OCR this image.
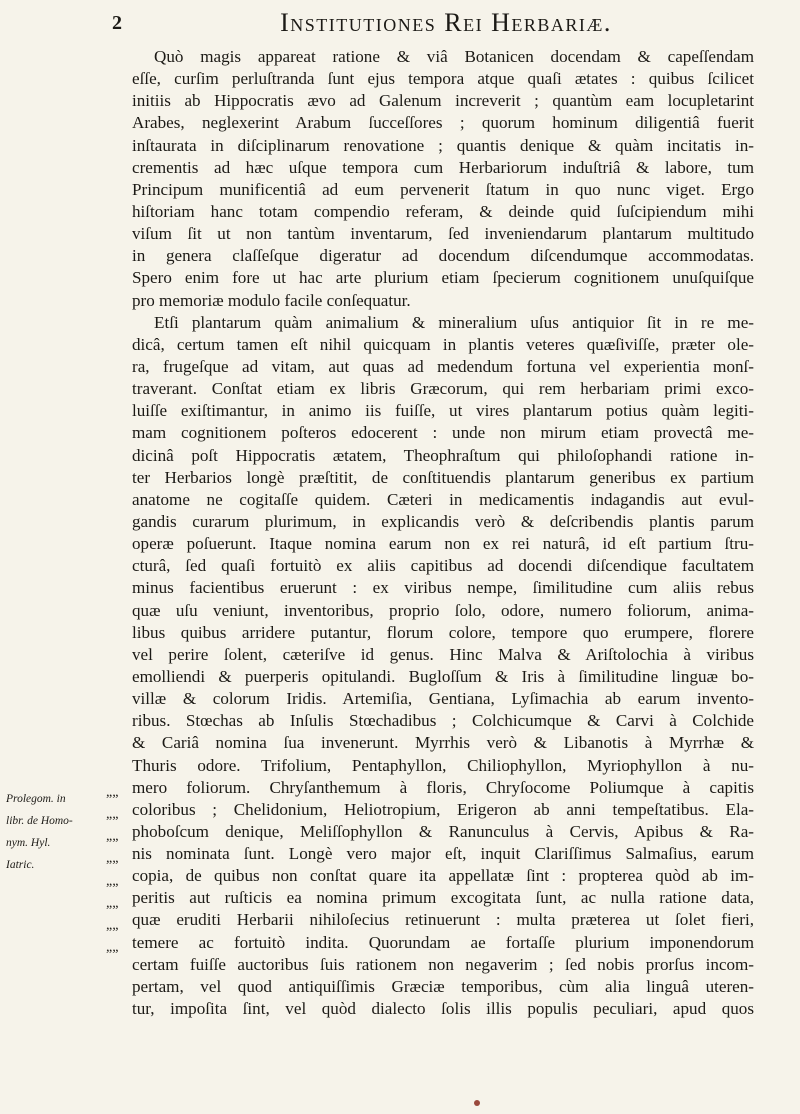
2	Institutiones Rei Herbariæ.
Quò magis appareat ratione & viâ Botanicen docendam & capeſſendam
eſſe, curſim perluſtranda ſunt ejus tempora atque quaſi ætates : quibus ſcilicet
initiis ab Hippocratis ævo ad Galenum increverit ; quantùm eam locupletarint
Arabes, neglexerint Arabum ſucceſſores ; quorum hominum diligentiâ fuerit
inſtaurata in diſciplinarum renovatione ; quantis denique & quàm incitatis in-
crementis ad hæc uſque tempora cum Herbariorum induſtriâ & labore, tum
Principum munificentiâ ad eum pervenerit ſtatum in quo nunc viget. Ergo
hiſtoriam hanc totam compendio referam, & deinde quid ſuſcipiendum mihi
viſum ſit ut non tantùm inventarum, ſed inveniendarum plantarum multitudo
in genera claſſeſque digeratur ad docendum diſcendumque accommodatas.
Spero enim fore ut hac arte plurium etiam ſpecierum cognitionem unuſquiſque
pro memoriæ modulo facile conſequatur.
Etſi plantarum quàm animalium & mineralium uſus antiquior ſit in re me-
dicâ, certum tamen eſt nihil quicquam in plantis veteres quæſiviſſe, præter ole-
ra, frugeſque ad vitam, aut quas ad medendum fortuna vel experientia monſ-
traverant. Conſtat etiam ex libris Græcorum, qui rem herbariam primi exco-
luiſſe exiſtimantur, in animo iis fuiſſe, ut vires plantarum potius quàm legiti-
mam cognitionem poſteros edocerent : unde non mirum etiam provectâ me-
dicinâ poſt Hippocratis ætatem, Theophraſtum qui philoſophandi ratione in-
ter Herbarios longè præſtitit, de conſtituendis plantarum generibus ex partium
anatome ne cogitaſſe quidem. Cæteri in medicamentis indagandis aut evul-
gandis curarum plurimum, in explicandis verò & deſcribendis plantis parum
operæ poſuerunt. Itaque nomina earum non ex rei naturâ, id eſt partium ſtru-
cturâ, ſed quaſi fortuitò ex aliis capitibus ad docendi diſcendique facultatem
minus facientibus eruerunt : ex viribus nempe, ſimilitudine cum aliis rebus
quæ uſu veniunt, inventoribus, proprio ſolo, odore, numero foliorum, anima-
libus quibus arridere putantur, florum colore, tempore quo erumpere, florere
vel perire ſolent, cæteriſve id genus. Hinc Malva & Ariſtolochia à viribus
emolliendi & puerperis opitulandi. Bugloſſum & Iris à ſimilitudine linguæ bo-
villæ & colorum Iridis. Artemiſia, Gentiana, Lyſimachia ab earum invento-
ribus. Stœchas ab Inſulis Stœchadibus ; Colchicumque & Carvi à Colchide
& Cariâ nomina ſua invenerunt. Myrrhis verò & Libanotis à Myrrhæ &
Thuris odore. Trifolium, Pentaphyllon, Chiliophyllon, Myriophyllon à nu-
mero foliorum. Chryſanthemum à floris, Chryſocome Poliumque à capitis
coloribus ; Chelidonium, Heliotropium, Erigeron ab anni tempeſtatibus. Ela-
phoboſcum denique, Meliſſophyllon & Ranunculus à Cervis, Apibus & Ra-
nis nominata ſunt. Longè vero major eſt, inquit Clariſſimus Salmaſius, earum
copia, de quibus non conſtat quare ita appellatæ ſint : propterea quòd ab im-
peritis aut ruſticis ea nomina primum excogitata ſunt, ac nulla ratione data,
quæ eruditi Herbarii nihiloſecius retinuerunt : multa præterea ut ſolet fieri,
temere ac fortuitò indita. Quorundam ae fortaſſe plurium imponendorum
certam fuiſſe auctoribus ſuis rationem non negaverim ; ſed nobis prorſus incom-
pertam, vel quod antiquiſſimis Græciæ temporibus, cùm alia linguâ uteren-
tur, impoſita ſint, vel quòd dialecto ſolis illis populis peculiari, apud quos
Prolegom. in
libr. de Homo-
nym. Hyl.
Iatric.
„„
„„
„„
„„
„„
„„
„„
„„
